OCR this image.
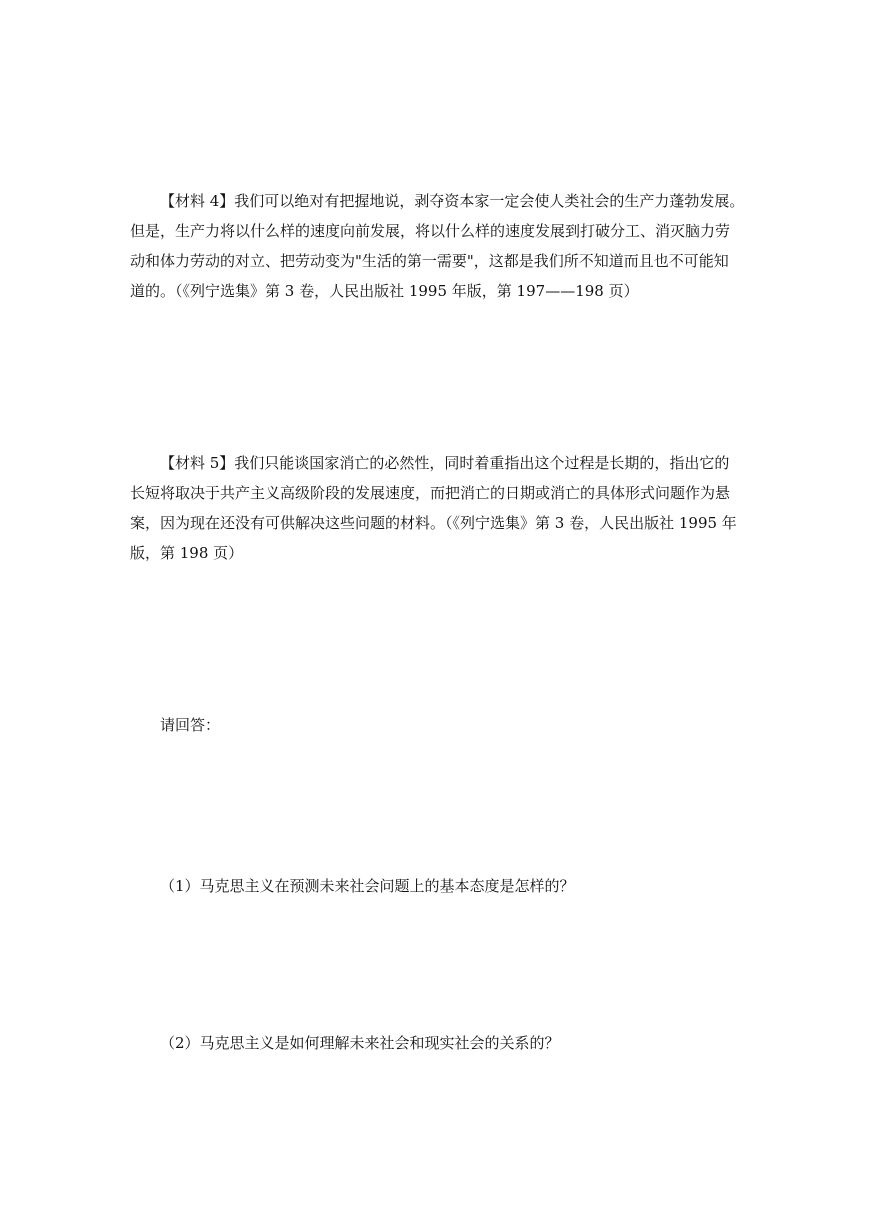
【材料 4】我们可以绝对有把握地说，剥夺资本家一定会使人类社会的生产力蓬勃发展。
但是，生产力将以什么样的速度向前发展，将以什么样的速度发展到打破分工、消灭脑力劳
动和体力劳动的对立、把劳动变为"生活的第一需要"，这都是我们所不知道而且也不可能知
道的。（《列宁选集》第 3 卷，人民出版社 1995 年版，第 197——198 页）
【材料 5】我们只能谈国家消亡的必然性，同时着重指出这个过程是长期的，指出它的
长短将取决于共产主义高级阶段的发展速度，而把消亡的日期或消亡的具体形式问题作为悬
案，因为现在还没有可供解决这些问题的材料。（《列宁选集》第 3 卷，人民出版社 1995 年
版，第 198 页）
请回答：
（1）马克思主义在预测未来社会问题上的基本态度是怎样的？
（2）马克思主义是如何理解未来社会和现实社会的关系的？
